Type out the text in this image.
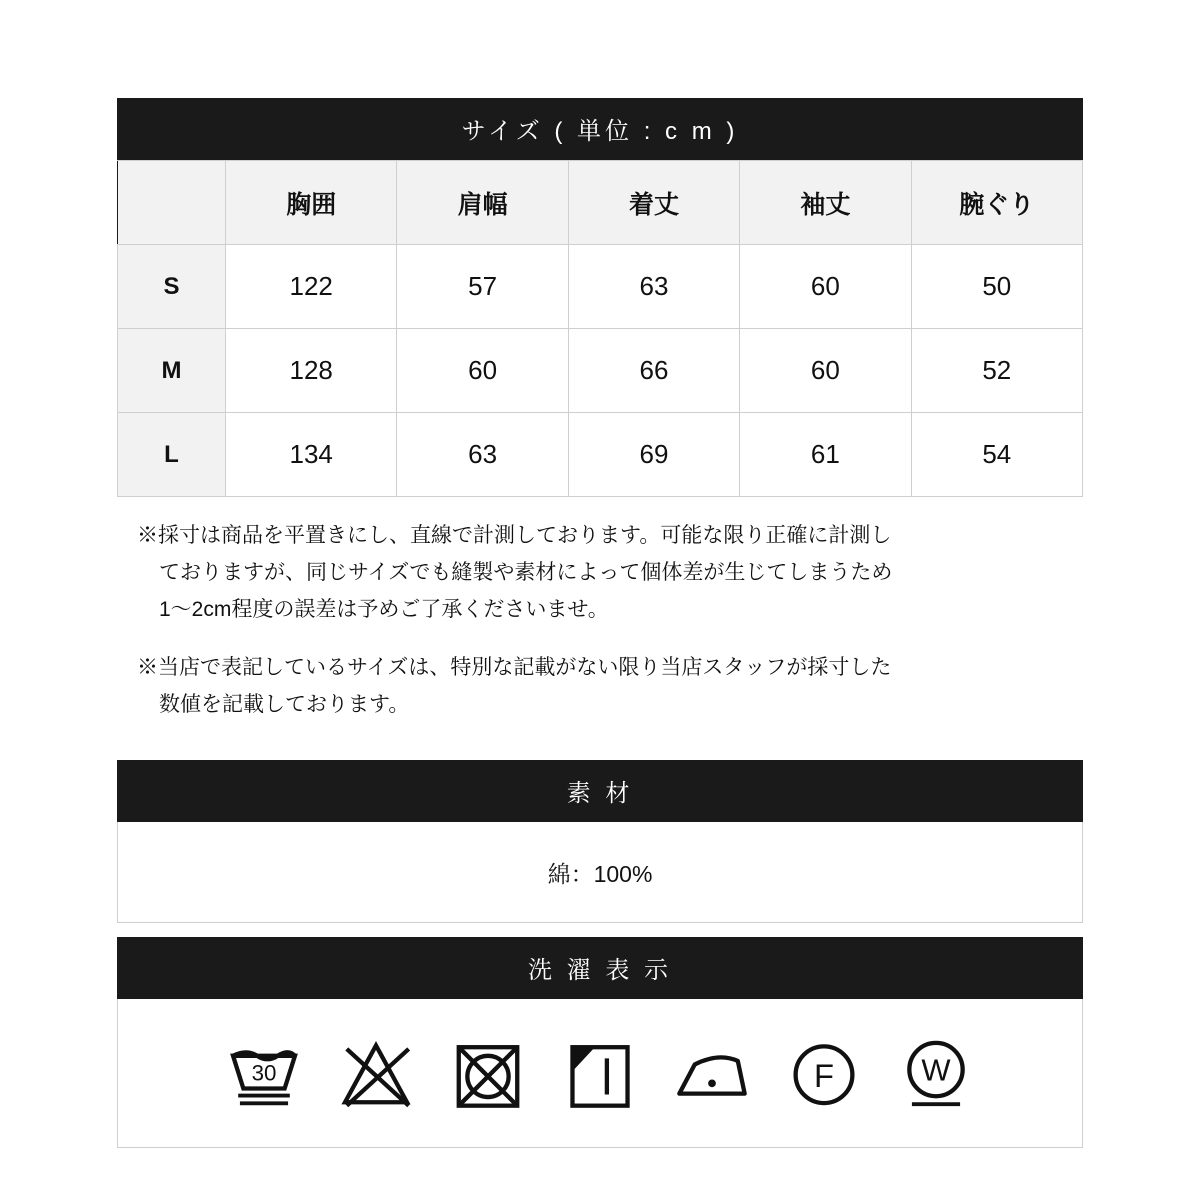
サイズ ( 単位 : c m )
	胸囲	肩幅	着丈	袖丈	腕ぐり
S	122	57	63	60	50
M	128	60	66	60	52
L	134	63	69	61	54

※採寸は商品を平置きにし、直線で計測しております。可能な限り正確に計測し

ておりますが、同じサイズでも縫製や素材によって個体差が生じてしまうため

1〜2cm程度の誤差は予めご了承くださいませ。

※当店で表記しているサイズは、特別な記載がない限り当店スタッフが採寸した

数値を記載しております。

素 材
綿：100%
洗 濯 表 示
30	F W
